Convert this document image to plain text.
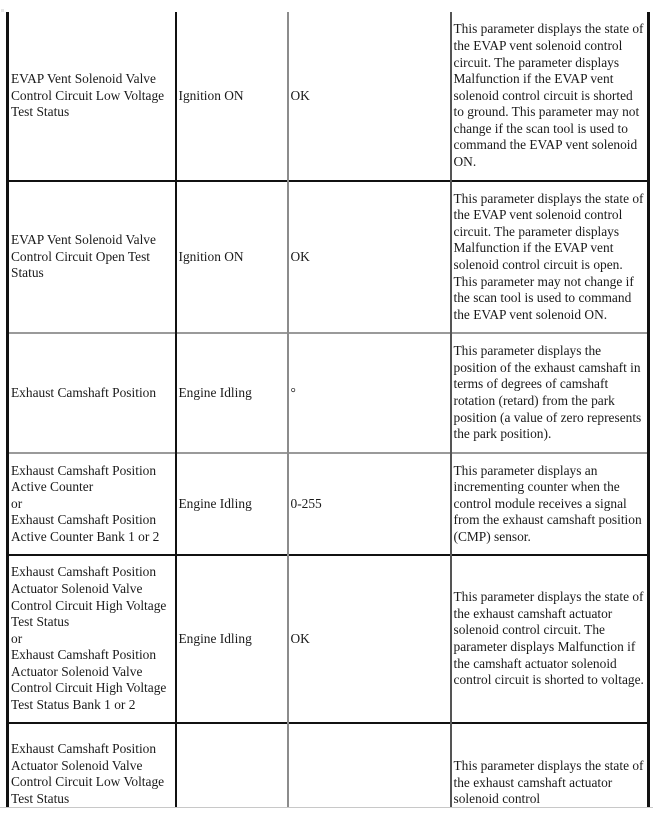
EVAP Vent Solenoid Valve Control Circuit Low Voltage Test Status	Ignition ON	OK	This parameter displays the state of the EVAP vent solenoid control circuit. The parameter displays Malfunction if the EVAP vent solenoid control circuit is shorted to ground. This parameter may not change if the scan tool is used to command the EVAP vent solenoid ON.

EVAP Vent Solenoid Valve Control Circuit Open Test Status	Ignition ON	OK	This parameter displays the state of the EVAP vent solenoid control circuit. The parameter displays Malfunction if the EVAP vent solenoid control circuit is open. This parameter may not change if the scan tool is used to command the EVAP vent solenoid ON.

Exhaust Camshaft Position	Engine Idling	°	This parameter displays the position of the exhaust camshaft in terms of degrees of camshaft rotation (retard) from the park position (a value of zero represents the park position).

Exhaust Camshaft Position Active Counter
or
Exhaust Camshaft Position Active Counter Bank 1 or 2	Engine Idling	0-255	This parameter displays an incrementing counter when the control module receives a signal from the exhaust camshaft position (CMP) sensor.

Exhaust Camshaft Position Actuator Solenoid Valve Control Circuit High Voltage Test Status
or
Exhaust Camshaft Position Actuator Solenoid Valve Control Circuit High Voltage Test Status Bank 1 or 2	Engine Idling	OK	This parameter displays the state of the exhaust camshaft actuator solenoid control circuit. The parameter displays Malfunction if the camshaft actuator solenoid control circuit is shorted to voltage.

Exhaust Camshaft Position Actuator Solenoid Valve Control Circuit Low Voltage Test Status			This parameter displays the state of the exhaust camshaft actuator solenoid control
